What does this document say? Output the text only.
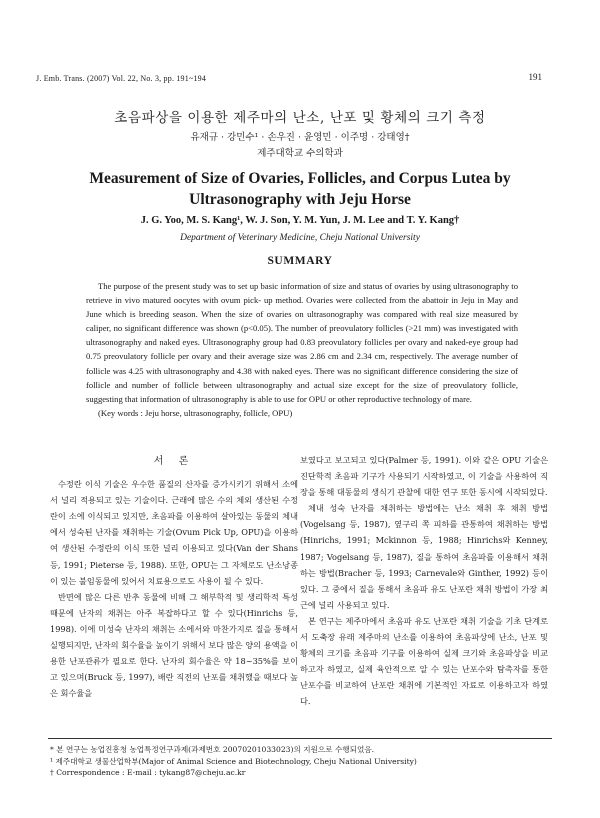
J. Emb. Trans. (2007) Vol. 22, No. 3, pp. 191~194	191
초음파상을 이용한 제주마의 난소, 난포 및 황체의 크기 측정
유재규 · 강민수¹ · 손우진 · 윤영민 · 이주명 · 강태영†
제주대학교 수의학과
Measurement of Size of Ovaries, Follicles, and Corpus Lutea by
Ultrasonography with Jeju Horse
J. G. Yoo, M. S. Kang¹, W. J. Son, Y. M. Yun, J. M. Lee and T. Y. Kang†
Department of Veterinary Medicine, Cheju National University
SUMMARY

The purpose of the present study was to set up basic information of size and status of ovaries by using ultrasonography to retrieve in vivo matured oocytes with ovum pick- up method. Ovaries were collected from the abattoir in Jeju in May and June which is breeding season. When the size of ovaries on ultrasonography was compared with real size measured by caliper, no significant difference was shown (p<0.05). The number of preovulatory follicles (>21 mm) was investigated with ultrasonography and naked eyes. Ultrasonography group had 0.83 preovulatory follicles per ovary and naked-eye group had 0.75 preovulatory follicle per ovary and their average size was 2.86 cm and 2.34 cm, respectively. The average number of follicle was 4.25 with ultrasonography and 4.38 with naked eyes. There was no significant difference considering the size of follicle and number of follicle between ultrasonography and actual size except for the size of preovulatory follicle, suggesting that information of ultrasonography is able to use for OPU or other reproductive technology of mare.

(Key words : Jeju horse, ultrasonography, follicle, OPU)

서 론

수정란 이식 기술은 우수한 품질의 산자를 증가시키기 위해서 소에서 널리 적용되고 있는 기술이다. 근래에 많은 수의 체외 생산된 수정란이 소에 이식되고 있지만, 초음파를 이용하여 살아있는 동물의 체내에서 성숙된 난자를 채취하는 기술(Ovum Pick Up, OPU)을 이용하여 생산된 수정란의 이식 또한 널리 이용되고 있다(Van der Shans 등, 1991; Pieterse 등, 1988). 또한, OPU는 그 자체로도 난소낭종이 있는 불임동물에 있어서 치료용으로도 사용이 될 수 있다.

반면에 많은 다른 반추 동물에 비해 그 해부학적 및 생리학적 특성 때문에 난자의 채취는 아주 복잡하다고 할 수 있다(Hinrichs 등, 1998). 이에 미성숙 난자의 채취는 소에서와 마찬가지로 질을 통해서 실행되지만, 난자의 회수율을 높이기 위해서 보다 많은 양의 용액을 이용한 난포관류가 필요로 한다. 난자의 회수율은 약 18~35%를 보이고 있으며(Bruck 등, 1997), 배란 직전의 난포를 채취했을 때보다 높은 회수율을

보였다고 보고되고 있다(Palmer 등, 1991). 이와 같은 OPU 기술은 진단학적 초음파 기구가 사용되기 시작하였고, 이 기술을 사용하여 직장을 통해 대동물의 생식기 관찰에 대한 연구 또한 동시에 시작되었다.

체내 성숙 난자를 채취하는 방법에는 난소 채취 후 채취 방법(Vogelsang 등, 1987), 옆구리 쪽 피하를 관통하여 채취하는 방법(Hinrichs, 1991; Mckinnon 등, 1988; Hinrichs와 Kenney, 1987; Vogelsang 등, 1987), 질을 통하여 초음파를 이용해서 채취하는 방법(Bracher 등, 1993; Carnevale와 Ginther, 1992) 등이 있다. 그 중에서 질을 통해서 초음파 유도 난포란 채취 방법이 가장 최근에 널리 사용되고 있다.

본 연구는 제주마에서 초음파 유도 난포란 채취 기술을 기초 단계로서 도축장 유래 제주마의 난소를 이용하여 초음파상에 난소, 난포 및 황체의 크기를 초음파 기구를 이용하여 실제 크기와 초음파상을 비교하고자 하였고, 실제 육안적으로 알 수 있는 난포수와 탐촉자를 통한 난포수를 비교하여 난포란 채취에 기본적인 자료로 이용하고자 하였다.

* 본 연구는 농업진흥청 농업특정연구과제(과제번호 20070201033023)의 지원으로 수행되었음.
¹ 제주대학교 생물산업학부(Major of Animal Science and Biotechnology, Cheju National University)
† Correspondence : E-mail : tykang87@cheju.ac.kr
